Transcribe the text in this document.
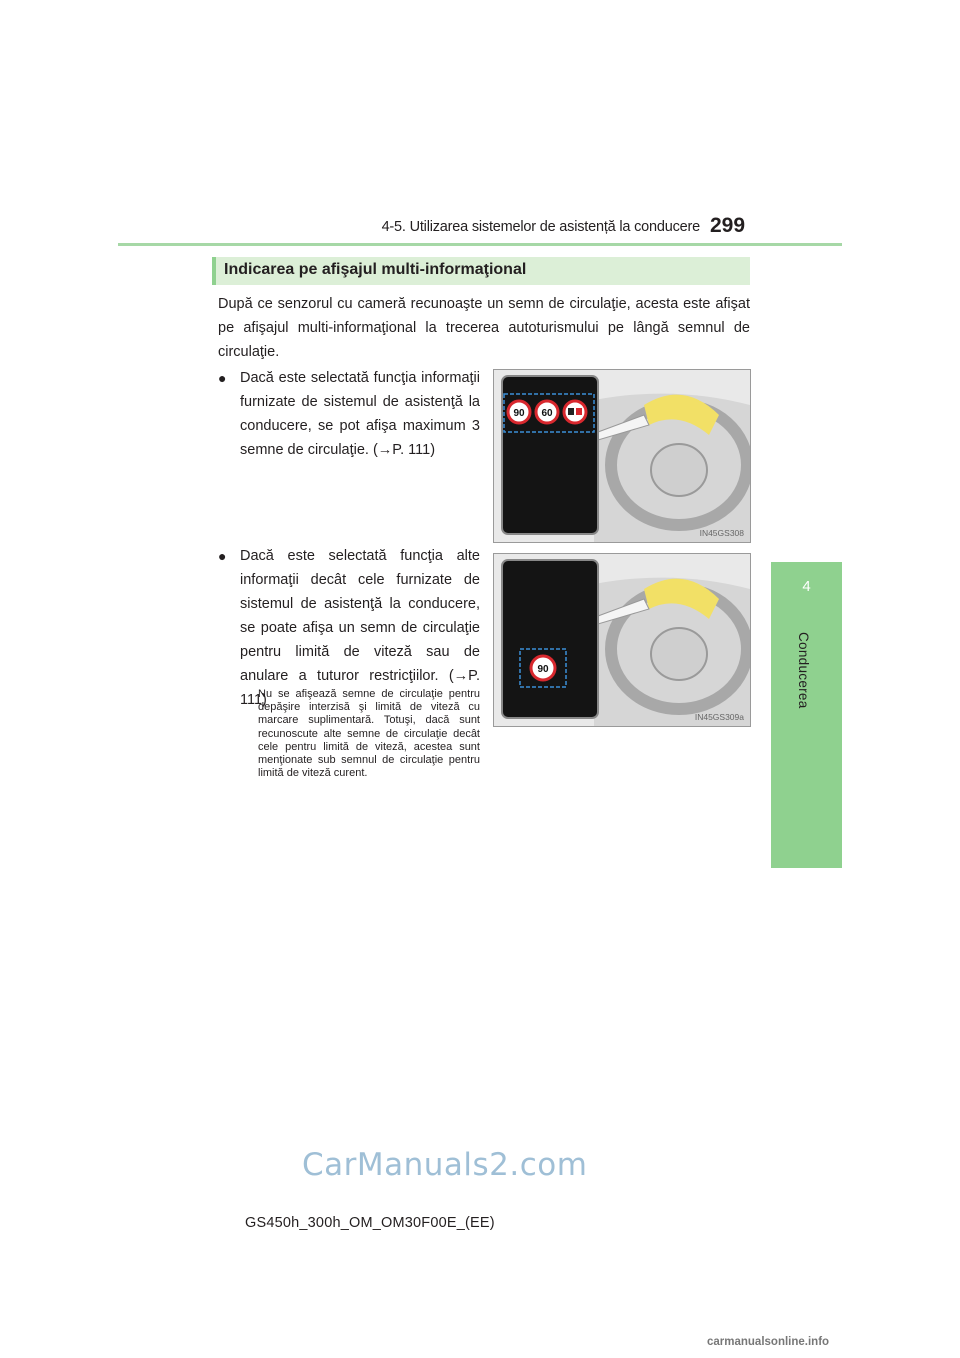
4-5. Utilizarea sistemelor de asistență la conducere 299
4
Conducerea
Indicarea pe afişajul multi-informaţional
După ce senzorul cu cameră recunoaşte un semn de circulaţie, acesta este afişat pe afişajul multi-informaţional la trecerea autoturismului pe lângă semnul de circulaţie.
● Dacă este selectată funcţia informaţii furnizate de sistemul de asistenţă la conducere, se pot afişa maximum 3 semne de circulaţie. (→P. 111)
● Dacă este selectată funcţia alte informaţii decât cele furnizate de sistemul de asistenţă la conducere, se poate afişa un semn de circulaţie pentru limită de viteză sau de anulare a tuturor restricţiilor. (→P. 111)
Nu se afişează semne de circulaţie pentru depăşire interzisă şi limită de viteză cu marcare suplimentară. Totuşi, dacă sunt recunoscute alte semne de circulaţie decât cele pentru limită de viteză, acestea sunt menţionate sub semnul de circulaţie pentru limită de viteză curent.
90 60
IN45GS308
90
IN45GS309a
CarManuals2.com
GS450h_300h_OM_OM30F00E_(EE)
carmanualsonline.info
